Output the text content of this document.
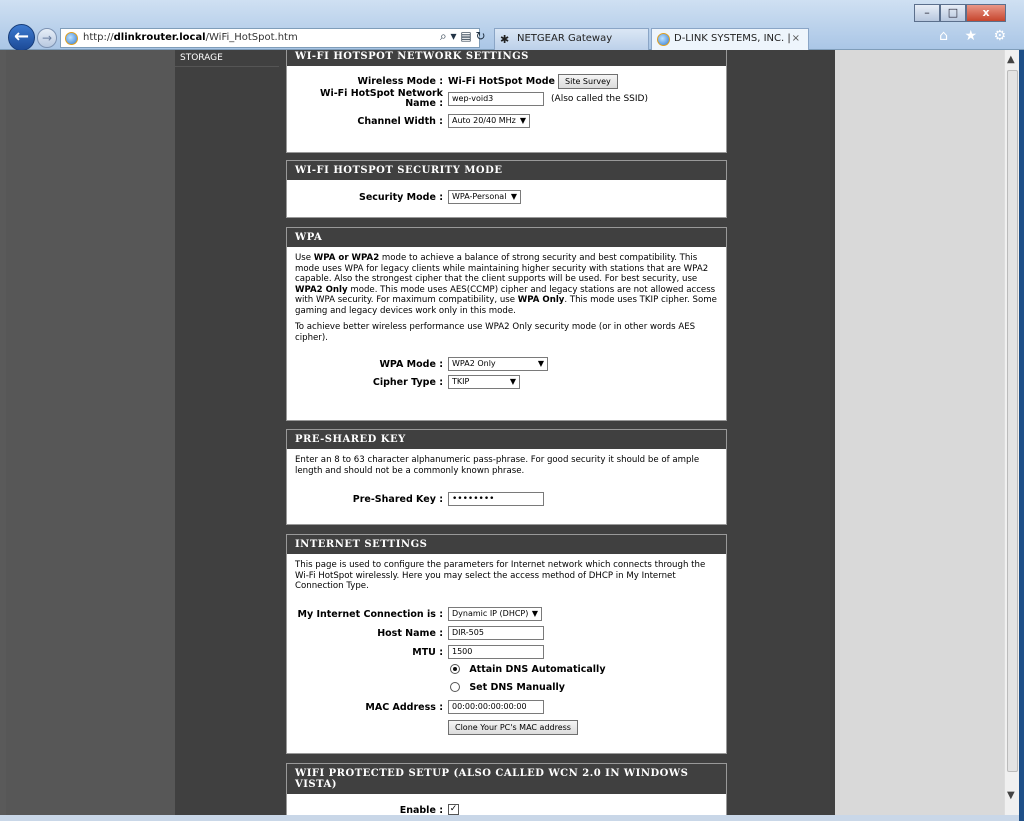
–	□	x
←	→	http://dlinkrouter.local/WiFi_HotSpot.htm	⌕ ▾ ▤ ↻ ✱ NETGEAR Gateway	D-LINK SYSTEMS, INC. | ×	⌂ ★ ⚙
STORAGE	WI-FI HOTSPOT NETWORK SETTINGS
Wireless Mode : Wi-Fi HotSpot Mode Site Survey
Wi-Fi HotSpot Network
Name :	wep-void3	(Also called the SSID)
Channel Width :	Auto 20/40 MHz ▼
WI-FI HOTSPOT SECURITY MODE
Security Mode :	WPA-Personal ▼
WPA

Use WPA or WPA2 mode to achieve a balance of strong security and best compatibility. This mode uses WPA for legacy clients while maintaining higher security with stations that are WPA2 capable. Also the strongest cipher that the client supports will be used. For best security, use WPA2 Only mode. This mode uses AES(CCMP) cipher and legacy stations are not allowed access with WPA security. For maximum compatibility, use WPA Only. This mode uses TKIP cipher. Some gaming and legacy devices work only in this mode.

To achieve better wireless performance use WPA2 Only security mode (or in other words AES cipher).

WPA Mode :	WPA2 Only	▼
Cipher Type :	TKIP	▼
PRE-SHARED KEY

Enter an 8 to 63 character alphanumeric pass-phrase. For good security it should be of ample length and should not be a commonly known phrase.

Pre-Shared Key :	••••••••
INTERNET SETTINGS

This page is used to configure the parameters for Internet network which connects through the Wi-Fi HotSpot wirelessly. Here you may select the access method of DHCP in My Internet Connection Type.

My Internet Connection is :	Dynamic IP (DHCP) ▼
Host Name :	DIR-505
MTU :	1500
Attain DNS Automatically
Set DNS Manually
MAC Address :	00:00:00:00:00:00
Clone Your PC's MAC address
WIFI PROTECTED SETUP (ALSO CALLED WCN 2.0 IN WINDOWS VISTA)
Enable : ✓
▲
▼
